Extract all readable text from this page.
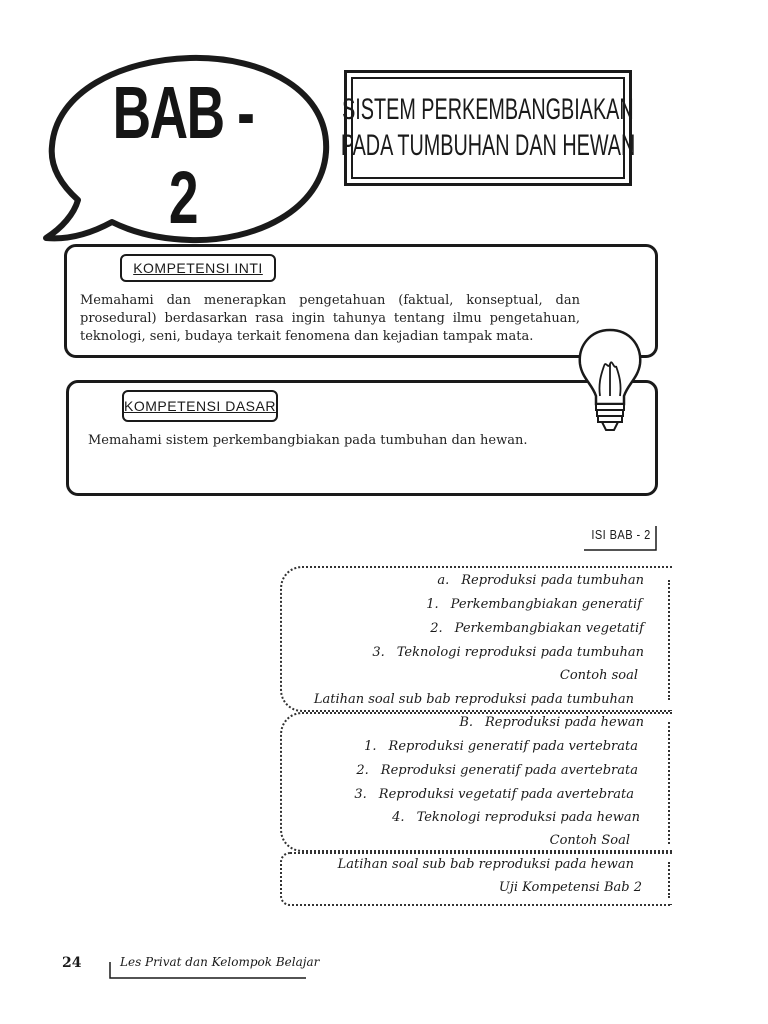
BAB - 2
SISTEM PERKEMBANGBIAKAN
PADA TUMBUHAN DAN HEWAN
KOMPETENSI INTI
Memahami dan menerapkan pengetahuan (faktual, konseptual, dan prosedural) berdasarkan rasa ingin tahunya tentang ilmu pengetahuan, teknologi, seni, budaya terkait fenomena dan kejadian tampak mata.
KOMPETENSI DASAR
Memahami sistem perkembangbiakan pada tumbuhan dan hewan.
ISI BAB - 2
a. Reproduksi pada tumbuhan
1. Perkembangbiakan generatif
2. Perkembangbiakan vegetatif
3. Teknologi reproduksi pada tumbuhan
Contoh soal
Latihan soal sub bab reproduksi pada tumbuhan
B. Reproduksi pada hewan
1. Reproduksi generatif pada vertebrata
2. Reproduksi generatif pada avertebrata
3. Reproduksi vegetatif pada avertebrata
4. Teknologi reproduksi pada hewan
Contoh Soal
Latihan soal sub bab reproduksi pada hewan
Uji Kompetensi Bab 2
24	Les Privat dan Kelompok Belajar
